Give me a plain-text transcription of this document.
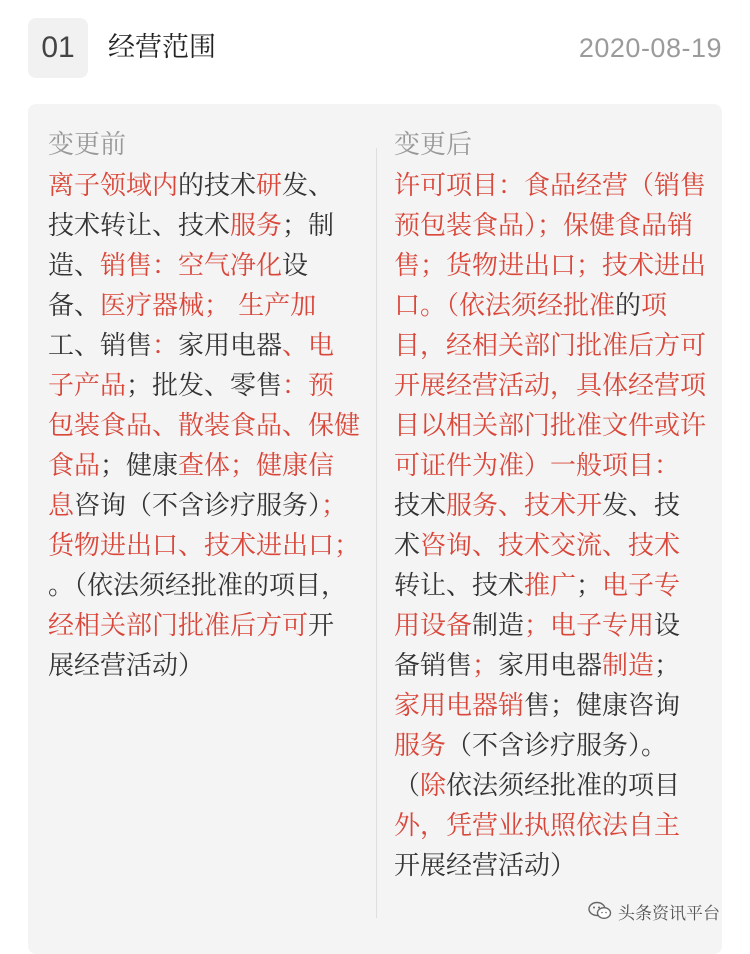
01	经营范围	2020-08-19
变更前
离子领域内的技术研发、技术转让、技术服务；制造、销售：空气净化设备、医疗器械； 生产加工、销售：家用电器、电子产品；批发、零售：预包装食品、散装食品、保健食品；健康查体；健康信息咨询（不含诊疗服务）；货物进出口、技术进出口； 。（依法须经批准的项目，经相关部门批准后方可开展经营活动）
变更后
许可项目：食品经营（销售预包装食品）；保健食品销售；货物进出口；技术进出口。（依法须经批准的项目，经相关部门批准后方可开展经营活动，具体经营项目以相关部门批准文件或许可证件为准）一般项目：技术服务、技术开发、技术咨询、技术交流、技术转让、技术推广；电子专用设备制造；电子专用设备销售；家用电器制造；家用电器销售；健康咨询服务（不含诊疗服务）。 （除依法须经批准的项目外，凭营业执照依法自主开展经营活动）
头条资讯平台
